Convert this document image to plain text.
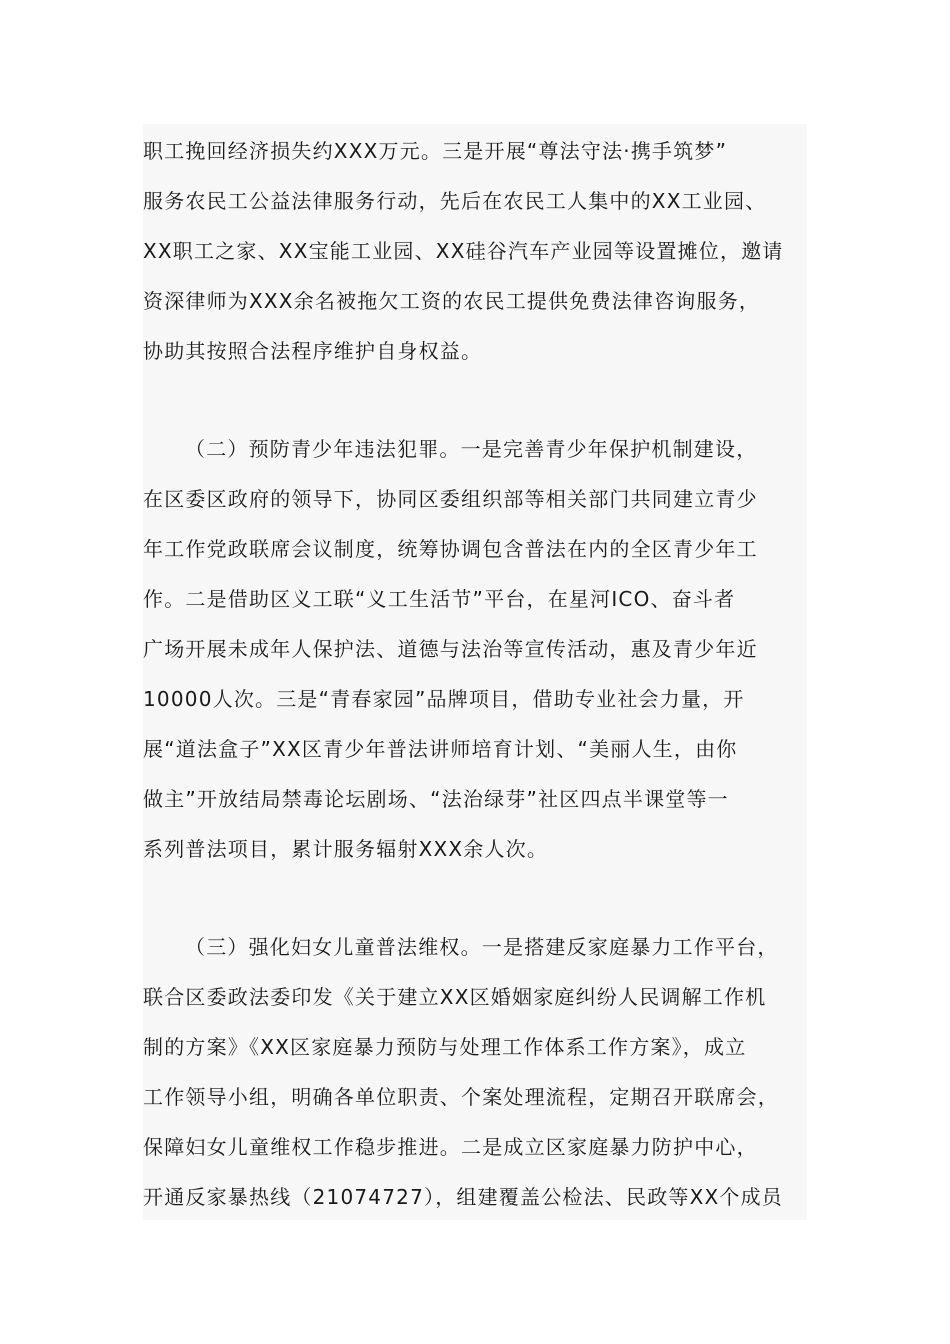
职工挽回经济损失约XXX万元。三是开展“尊法守法·携手筑梦”
服务农民工公益法律服务行动，先后在农民工人集中的XX工业园、
XX职工之家、XX宝能工业园、XX硅谷汽车产业园等设置摊位，邀请
资深律师为XXX余名被拖欠工资的农民工提供免费法律咨询服务，
协助其按照合法程序维护自身权益。
（二）预防青少年违法犯罪。一是完善青少年保护机制建设，
在区委区政府的领导下，协同区委组织部等相关部门共同建立青少
年工作党政联席会议制度，统筹协调包含普法在内的全区青少年工
作。二是借助区义工联“义工生活节”平台，在星河ICO、奋斗者
广场开展未成年人保护法、道德与法治等宣传活动，惠及青少年近
10000人次。三是“青春家园”品牌项目，借助专业社会力量，开
展“道法盒子”XX区青少年普法讲师培育计划、“美丽人生，由你
做主”开放结局禁毒论坛剧场、“法治绿芽”社区四点半课堂等一
系列普法项目，累计服务辐射XXX余人次。
（三）强化妇女儿童普法维权。一是搭建反家庭暴力工作平台，
联合区委政法委印发《关于建立XX区婚姻家庭纠纷人民调解工作机
制的方案》《XX区家庭暴力预防与处理工作体系工作方案》，成立
工作领导小组，明确各单位职责、个案处理流程，定期召开联席会，
保障妇女儿童维权工作稳步推进。二是成立区家庭暴力防护中心，
开通反家暴热线（21074727），组建覆盖公检法、民政等XX个成员
